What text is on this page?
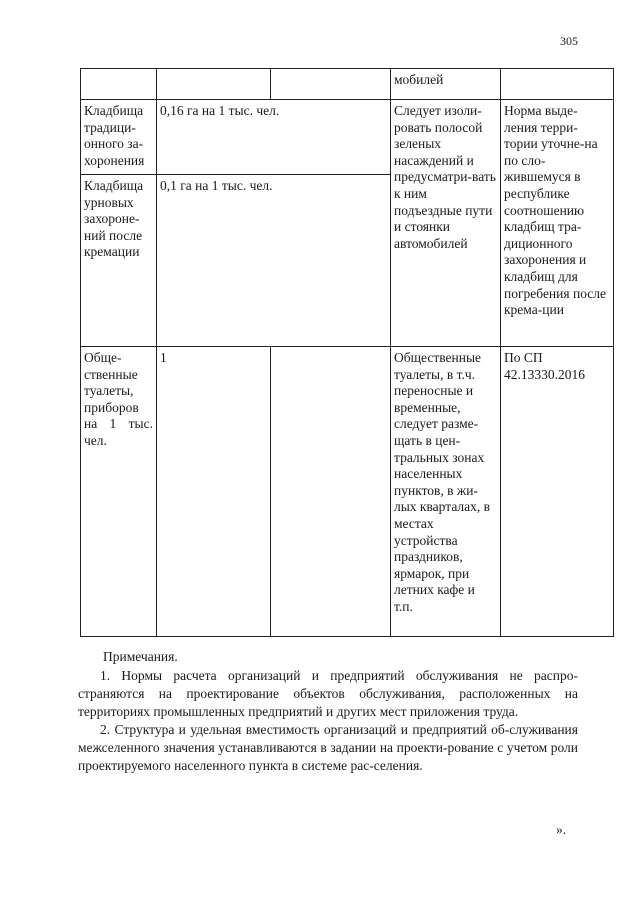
305
			мобилей	
Кладбища традици-онного за-хоронения	0,16 га на 1 тыс. чел.		Следует изоли-ровать полосой зеленых насаждений и предусматри-вать к ним подъездные пути и стоянки автомобилей	Норма выде-ления терри-тории уточне-на по сло-жившемуся в республике соотношению кладбищ тра-диционного захоронения и кладбищ для погребения после крема-ции
Кладбища урновых захороне-ний после кремации	0,1 га на 1 тыс. чел.			
Обще-ственные туалеты, приборов на 1 тыс. чел.	1		Общественные туалеты, в т.ч. переносные и временные, следует разме-щать в цен-тральных зонах населенных пунктов, в жи-лых кварталах, в местах устройства праздников, ярмарок, при летних кафе и т.п.	По СП 42.13330.2016

Примечания.

1. Нормы расчета организаций и предприятий обслуживания не распро-страняются на проектирование объектов обслуживания, расположенных на территориях промышленных предприятий и других мест приложения труда.

2. Структура и удельная вместимость организаций и предприятий об-служивания межселенного значения устанавливаются в задании на проекти-рование с учетом роли проектируемого населенного пункта в системе рас-селения.

».
